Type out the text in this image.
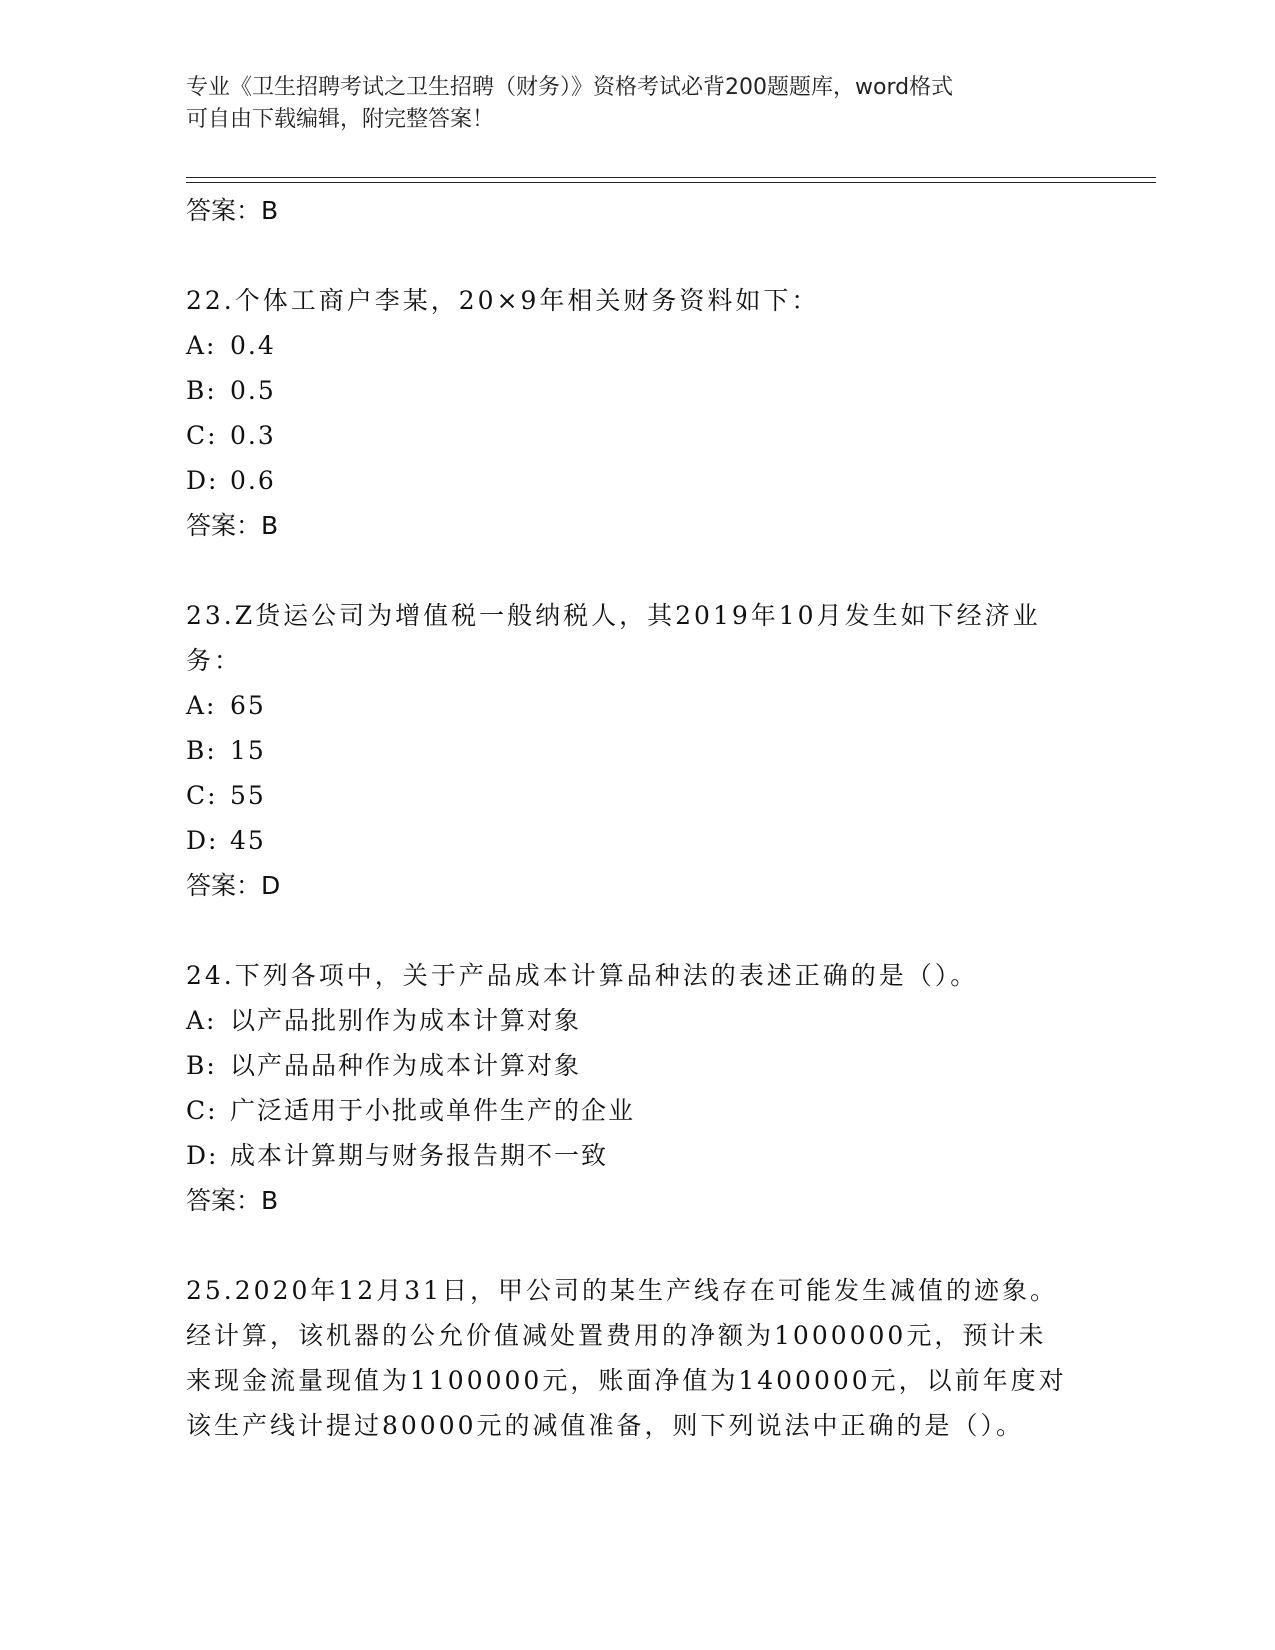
专业《卫生招聘考试之卫生招聘（财务）》资格考试必背200题题库，word格式
可自由下载编辑，附完整答案！
答案：B

22.个体工商户李某，20×9年相关财务资料如下：

A: 0.4
B: 0.5
C: 0.3
D: 0.6
答案：B

23.Z货运公司为增值税一般纳税人，其2019年10月发生如下经济业

务：

A: 65
B: 15
C: 55
D: 45
答案：D

24.下列各项中，关于产品成本计算品种法的表述正确的是（）。

A: 以产品批别作为成本计算对象
B: 以产品品种作为成本计算对象
C: 广泛适用于小批或单件生产的企业
D: 成本计算期与财务报告期不一致
答案：B

25.2020年12月31日，甲公司的某生产线存在可能发生减值的迹象。

经计算，该机器的公允价值减处置费用的净额为1000000元，预计未

来现金流量现值为1100000元，账面净值为1400000元，以前年度对

该生产线计提过80000元的减值准备，则下列说法中正确的是（）。
